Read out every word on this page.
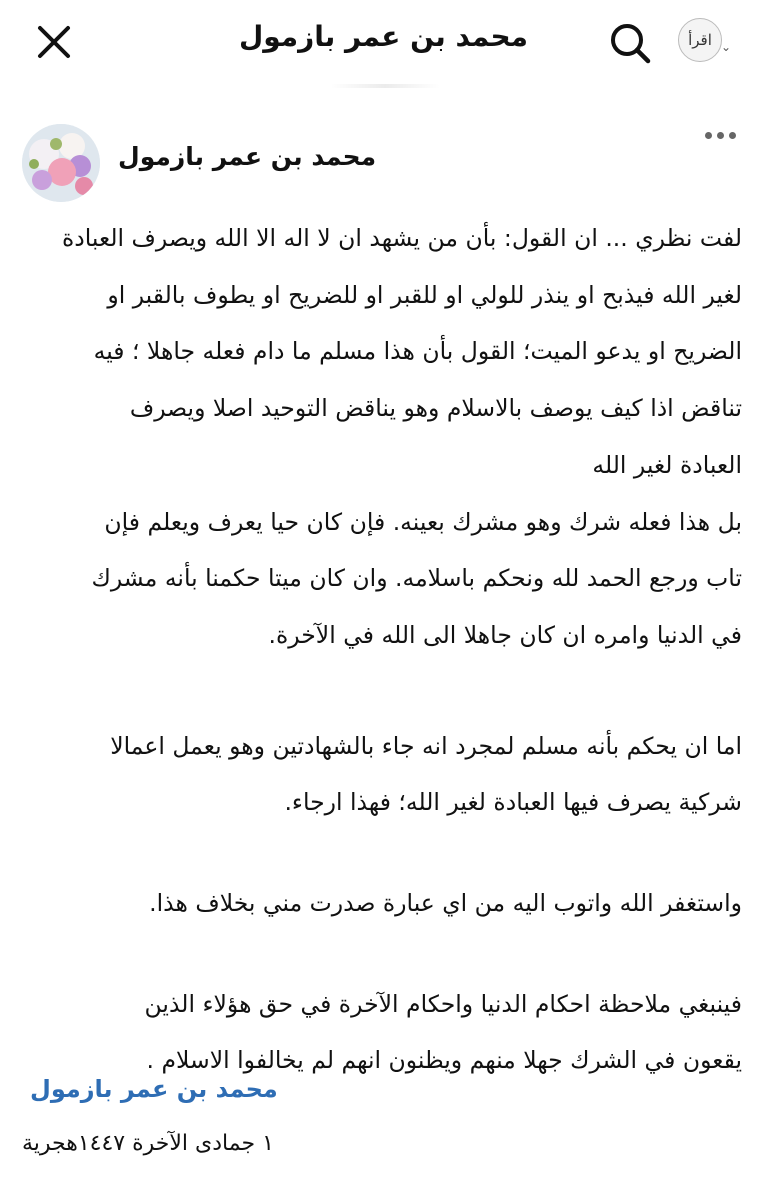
محمد بن عمر بازمول	اقرأ ⌄
محمد بن عمر بازمول

لفت نظري ... ان القول: بأن من يشهد ان لا اله الا الله ويصرف العبادة

لغير الله فيذبح او ينذر للولي او للقبر او للضريح او يطوف بالقبر او

الضريح او يدعو الميت؛ القول بأن هذا مسلم ما دام فعله جاهلا ؛ فيه

تناقض اذا كيف يوصف بالاسلام وهو يناقض التوحيد اصلا ويصرف

العبادة لغير الله

بل هذا فعله شرك وهو مشرك بعينه. فإن كان حيا يعرف ويعلم فإن

تاب ورجع الحمد لله ونحكم باسلامه. وان كان ميتا حكمنا بأنه مشرك

في الدنيا وامره ان كان جاهلا الى الله في الآخرة.

اما ان يحكم بأنه مسلم لمجرد انه جاء بالشهادتين وهو يعمل اعمالا

شركية يصرف فيها العبادة لغير الله؛ فهذا ارجاء.

واستغفر الله واتوب اليه من اي عبارة صدرت مني بخلاف هذا.

فينبغي ملاحظة احكام الدنيا واحكام الآخرة في حق هؤلاء الذين

يقعون في الشرك جهلا منهم ويظنون انهم لم يخالفوا الاسلام .

محمد بن عمر بازمول
١ جمادى الآخرة ١٤٤٧هجرية
